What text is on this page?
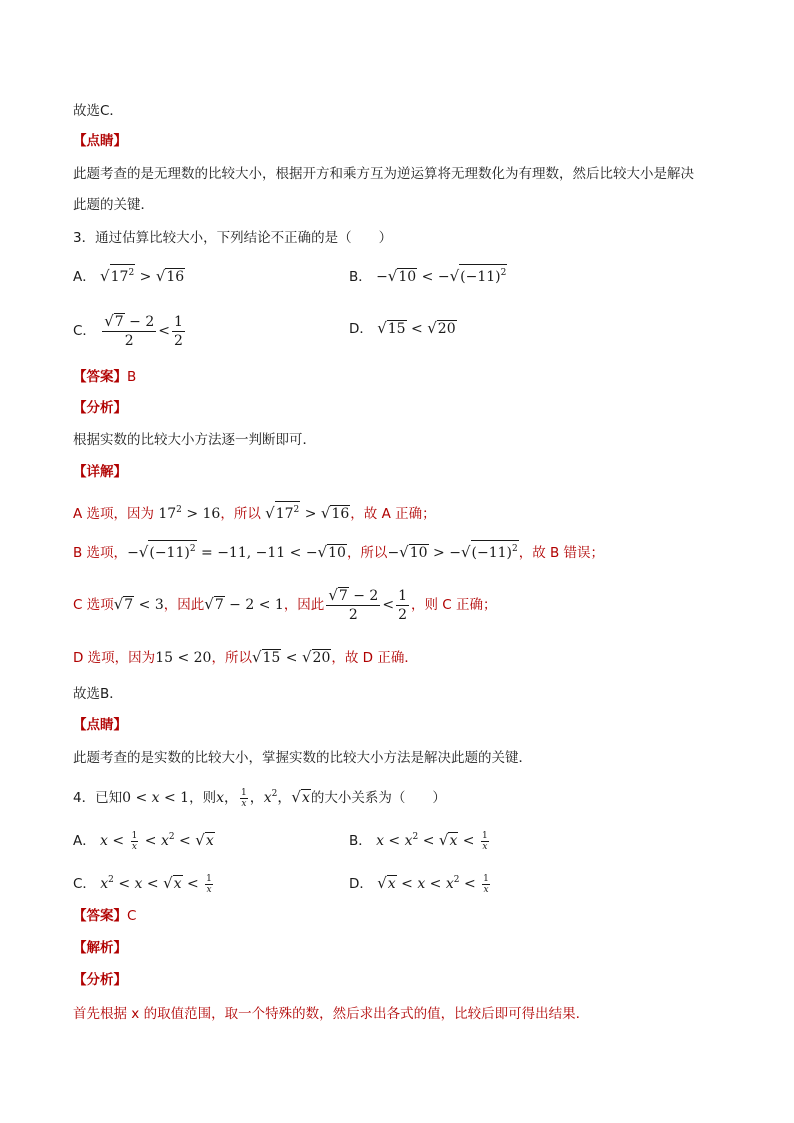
故选C．
【点睛】
此题考查的是无理数的比较大小，根据开方和乘方互为逆运算将无理数化为有理数，然后比较大小是解决
此题的关键．
3．通过估算比较大小，下列结论不正确的是（　　）
A． $√17^2 > √16$	B． $-√10 < -√(-11)^2$
C． $\frac{√7 - 2}{2} < \frac{1}{2}$	D． √15 < √20
【答案】B
【分析】
根据实数的比较大小方法逐一判断即可．
【详解】
A 选项，因为 $17^2 > 16$，所以 $√17^2 > √16$，故 A 正确；
B 选项，$-√(-11)^2 = -11$, −11 < −√10，所以$-√10 > -√(-11)^2$，故 B 错误；
C 选项√7 < 3，因此√7 − 2 < 1，因此 $\frac{√7 - 2}{2} < \frac{1}{2}$ ，则 C 正确；
D 选项，因为15 < 20，所以√15 < √20，故 D 正确．
故选B．
【点睛】
此题考查的是实数的比较大小，掌握实数的比较大小方法是解决此题的关键．
4．已知0 < x < 1，则x， $\frac{1}{x}$ ，$x^2$，√x的大小关系为（　　）
A． $x < \frac{1}{x} < x^2 < √x$	B． $x < x^2 < √x < \frac{1}{x}$
C． $x^2 < x < √x < \frac{1}{x}$	D． $√x < x < x^2 < \frac{1}{x}$
【答案】C
【解析】
【分析】
首先根据 x 的取值范围，取一个特殊的数，然后求出各式的值，比较后即可得出结果.
